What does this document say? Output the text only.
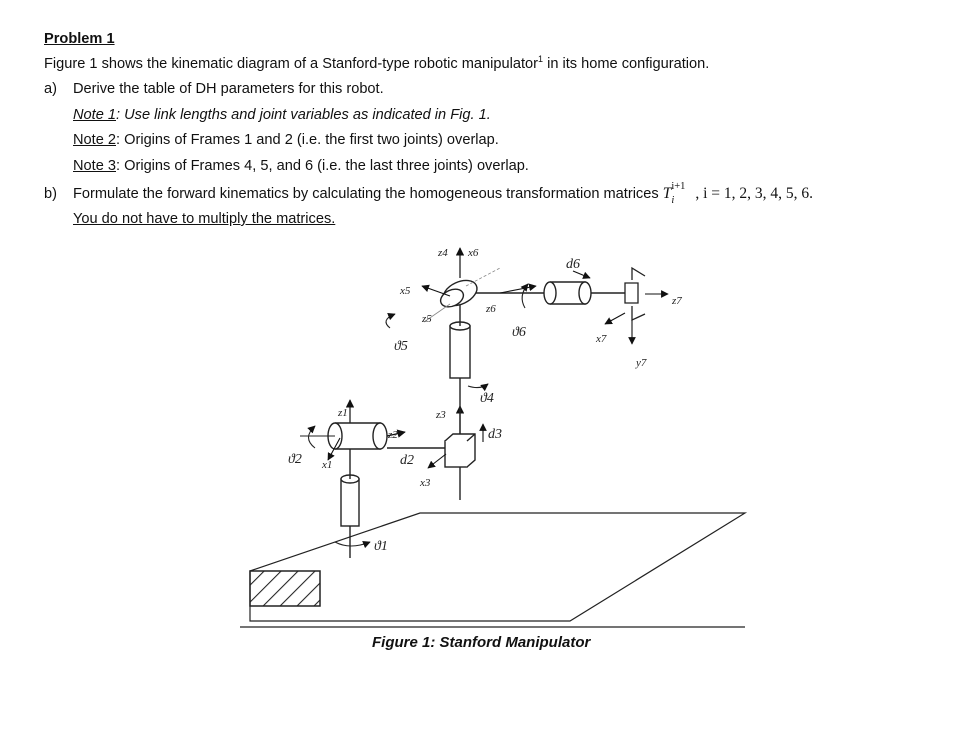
Problem 1
Figure 1 shows the kinematic diagram of a Stanford-type robotic manipulator$^1$ in its home configuration.
a) Derive the table of DH parameters for this robot.
Note 1: Use link lengths and joint variables as indicated in Fig. 1.
Note 2: Origins of Frames 1 and 2 (i.e. the first two joints) overlap.
Note 3: Origins of Frames 4, 5, and 6 (i.e. the last three joints) overlap.
b) Formulate the forward kinematics by calculating the homogeneous transformation matrices T i+1
i , i = 1, 2, 3, 4, 5, 6.
You do not have to multiply the matrices.
z4 x6
d6
x5
z6
z7
z5
ϑ6	x7
ϑ5
y7
ϑ4
z1	z3
d3
z2
ϑ2 x1	d2
x3
ϑ1
Figure 1: Stanford Manipulator
